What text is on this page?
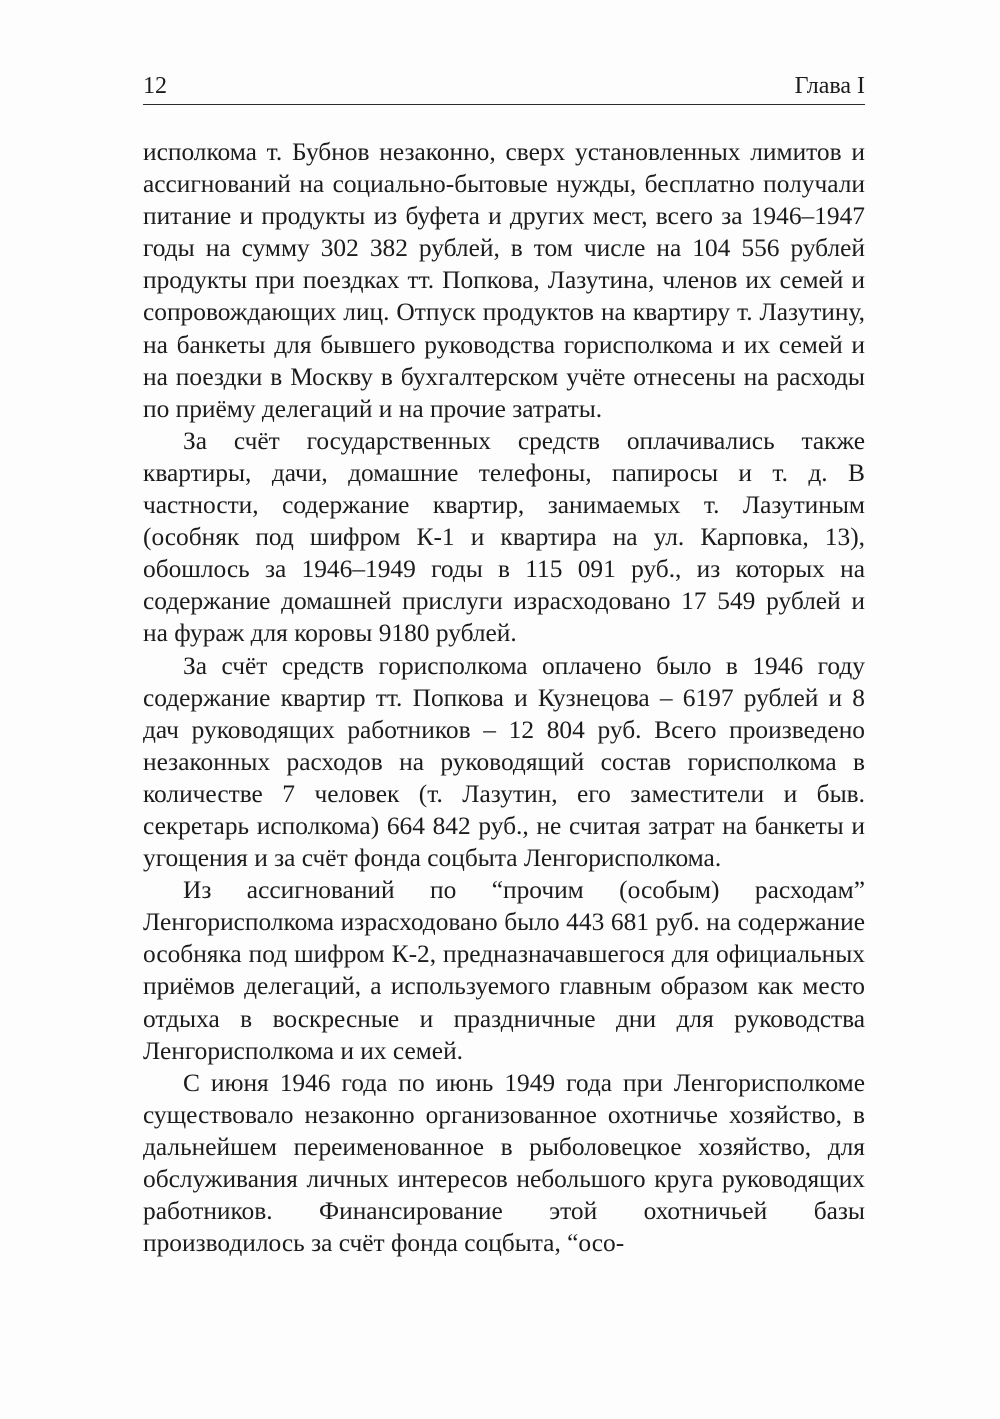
12	Глава I

исполкома т. Бубнов незаконно, сверх установленных лимитов и ассигнований на социально-бытовые нужды, бесплатно получали питание и продукты из буфета и других мест, всего за 1946–1947 годы на сумму 302 382 рублей, в том числе на 104 556 рублей продукты при поездках тт. Попкова, Лазутина, членов их семей и сопровождающих лиц. Отпуск продуктов на квартиру т. Лазутину, на банкеты для бывшего руководства горисполкома и их семей и на поездки в Москву в бухгалтерском учёте отнесены на расходы по приёму делегаций и на прочие затраты.

За счёт государственных средств оплачивались также квартиры, дачи, домашние телефоны, папиросы и т. д. В частности, содержание квартир, занимаемых т. Лазутиным (особняк под шифром К-1 и квартира на ул. Карповка, 13), обошлось за 1946–1949 годы в 115 091 руб., из которых на содержание домашней прислуги израсходовано 17 549 рублей и на фураж для коровы 9180 рублей.

За счёт средств горисполкома оплачено было в 1946 году содержание квартир тт. Попкова и Кузнецова – 6197 рублей и 8 дач руководящих работников – 12 804 руб. Всего произведено незаконных расходов на руководящий состав горисполкома в количестве 7 человек (т. Лазутин, его заместители и быв. секретарь исполкома) 664 842 руб., не считая затрат на банкеты и угощения и за счёт фонда соцбыта Ленгорисполкома.

Из ассигнований по “прочим (особым) расходам” Ленгорисполкома израсходовано было 443 681 руб. на содержание особняка под шифром К-2, предназначавшегося для официальных приёмов делегаций, а используемого главным образом как место отдыха в воскресные и праздничные дни для руководства Ленгорисполкома и их семей.

С июня 1946 года по июнь 1949 года при Ленгорисполкоме существовало незаконно организованное охотничье хозяйство, в дальнейшем переименованное в рыболовецкое хозяйство, для обслуживания личных интересов небольшого круга руководящих работников. Финансирование этой охотничьей базы производилось за счёт фонда соцбыта, “осо-
